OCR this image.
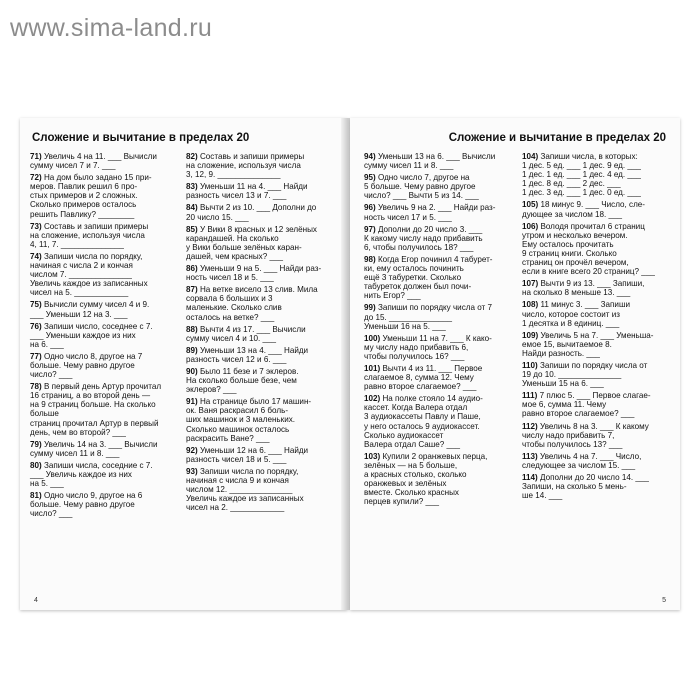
www.sima-land.ru
Сложение и вычитание в пределах 20
71) Увеличь 4 на 11. ___ Вычисли
сумму чисел 7 и 7. ___
72) На дом было задано 15 при-
меров. Павлик решил 6 про-
стых примеров и 2 сложных.
Сколько примеров осталось
решить Павлику? ________
73) Составь и запиши примеры
на сложение, используя числа
4, 11, 7. ______________
74) Запиши числа по порядку,
начиная с числа 2 и кончая
числом 7. ______________
Увеличь каждое из записанных
чисел на 5. ____________
75) Вычисли сумму чисел 4 и 9.
___ Уменьши 12 на 3. ___
76) Запиши число, соседнее с 7.
___ Уменьши каждое из них
на 6. ___
77) Одно число 8, другое на 7
больше. Чему равно другое
число? ___
78) В первый день Артур прочитал
16 страниц, а во второй день —
на 9 страниц больше. На сколько больше
страниц прочитал Артур в первый
день, чем во второй? ___
79) Увеличь 14 на 3. ___ Вычисли
сумму чисел 11 и 8. ___
80) Запиши числа, соседние с 7.
___ Увеличь каждое из них
на 5. ___
81) Одно число 9, другое на 6
больше. Чему равно другое
число? ___
82) Составь и запиши примеры
на сложение, используя числа
3, 12, 9. ______________
83) Уменьши 11 на 4. ___ Найди
разность чисел 13 и 7. ___
84) Вычти 2 из 10. ___ Дополни до
20 число 15. ___
85) У Вики 8 красных и 12 зелёных
карандашей. На сколько
у Вики больше зелёных каран-
дашей, чем красных? ___
86) Уменьши 9 на 5. ___ Найди раз-
ность чисел 18 и 5. ___
87) На ветке висело 13 слив. Мила
сорвала 6 больших и 3
маленькие. Сколько слив
осталось на ветке? ___
88) Вычти 4 из 17. ___ Вычисли
сумму чисел 4 и 10. ___
89) Уменьши 13 на 4. ___ Найди
разность чисел 12 и 6. ___
90) Было 11 безе и 7 эклеров.
На сколько больше безе, чем
эклеров? ___
91) На странице было 17 машин-
ок. Ваня раскрасил 6 боль-
ших машинок и 3 маленьких.
Сколько машинок осталось
раскрасить Ване? ___
92) Уменьши 12 на 6. ___ Найди
разность чисел 18 и 5. ___
93) Запиши числа по порядку,
начиная с числа 9 и кончая
числом 12. ______________
Увеличь каждое из записанных
чисел на 2. ____________
4
Сложение и вычитание в пределах 20
94) Уменьши 13 на 6. ___ Вычисли
сумму чисел 11 и 8. ___
95) Одно число 7, другое на
5 больше. Чему равно другое
число? ___ Вычти 5 из 14. ___
96) Увеличь 9 на 2. ___ Найди раз-
ность чисел 17 и 5. ___
97) Дополни до 20 число 3. ___
К какому числу надо прибавить
6, чтобы получилось 18? ___
98) Когда Егор починил 4 табурет-
ки, ему осталось починить
ещё 3 табуретки. Сколько
табуреток должен был почи-
нить Егор? ___
99) Запиши по порядку числа от 7
до 15. ______________
Уменьши 16 на 5. ___
100) Уменьши 11 на 7. ___ К како-
му числу надо прибавить 6,
чтобы получилось 16? ___
101) Вычти 4 из 11. ___ Первое
слагаемое 8, сумма 12. Чему
равно второе слагаемое? ___
102) На полке стояло 14 аудио-
кассет. Когда Валера отдал
3 аудиокассеты Павлу и Паше,
у него осталось 9 аудиокассет.
Сколько аудиокассет
Валера отдал Саше? ___
103) Купили 2 оранжевых перца,
зелёных — на 5 больше,
а красных столько, сколько
оранжевых и зелёных
вместе. Сколько красных
перцев купили? ___
104) Запиши числа, в которых:
1 дес. 5 ед. ___ 1 дес. 9 ед. ___
1 дес. 1 ед. ___ 1 дес. 4 ед. ___
1 дес. 8 ед. ___ 2 дес. ___
1 дес. 3 ед. ___ 1 дес. 0 ед. ___
105) 18 минус 9. ___ Число, сле-
дующее за числом 18. ___
106) Володя прочитал 6 страниц
утром и несколько вечером.
Ему осталось прочитать
9 страниц книги. Сколько
страниц он прочёл вечером,
если в книге всего 20 страниц? ___
107) Вычти 9 из 13. ___ Запиши,
на сколько 8 меньше 13. ___
108) 11 минус 3. ___ Запиши
число, которое состоит из
1 десятка и 8 единиц. ___
109) Увеличь 5 на 7. ___ Уменьша-
емое 15, вычитаемое 8.
Найди разность. ___
110) Запиши по порядку числа от
19 до 10. ______________
Уменьши 15 на 6. ___
111) 7 плюс 5. ___ Первое слагае-
мое 6, сумма 11. Чему
равно второе слагаемое? ___
112) Увеличь 8 на 3. ___ К какому
числу надо прибавить 7,
чтобы получилось 13? ___
113) Увеличь 4 на 7. ___ Число,
следующее за числом 15. ___
114) Дополни до 20 число 14. ___
Запиши, на сколько 5 мень-
ше 14. ___
5
